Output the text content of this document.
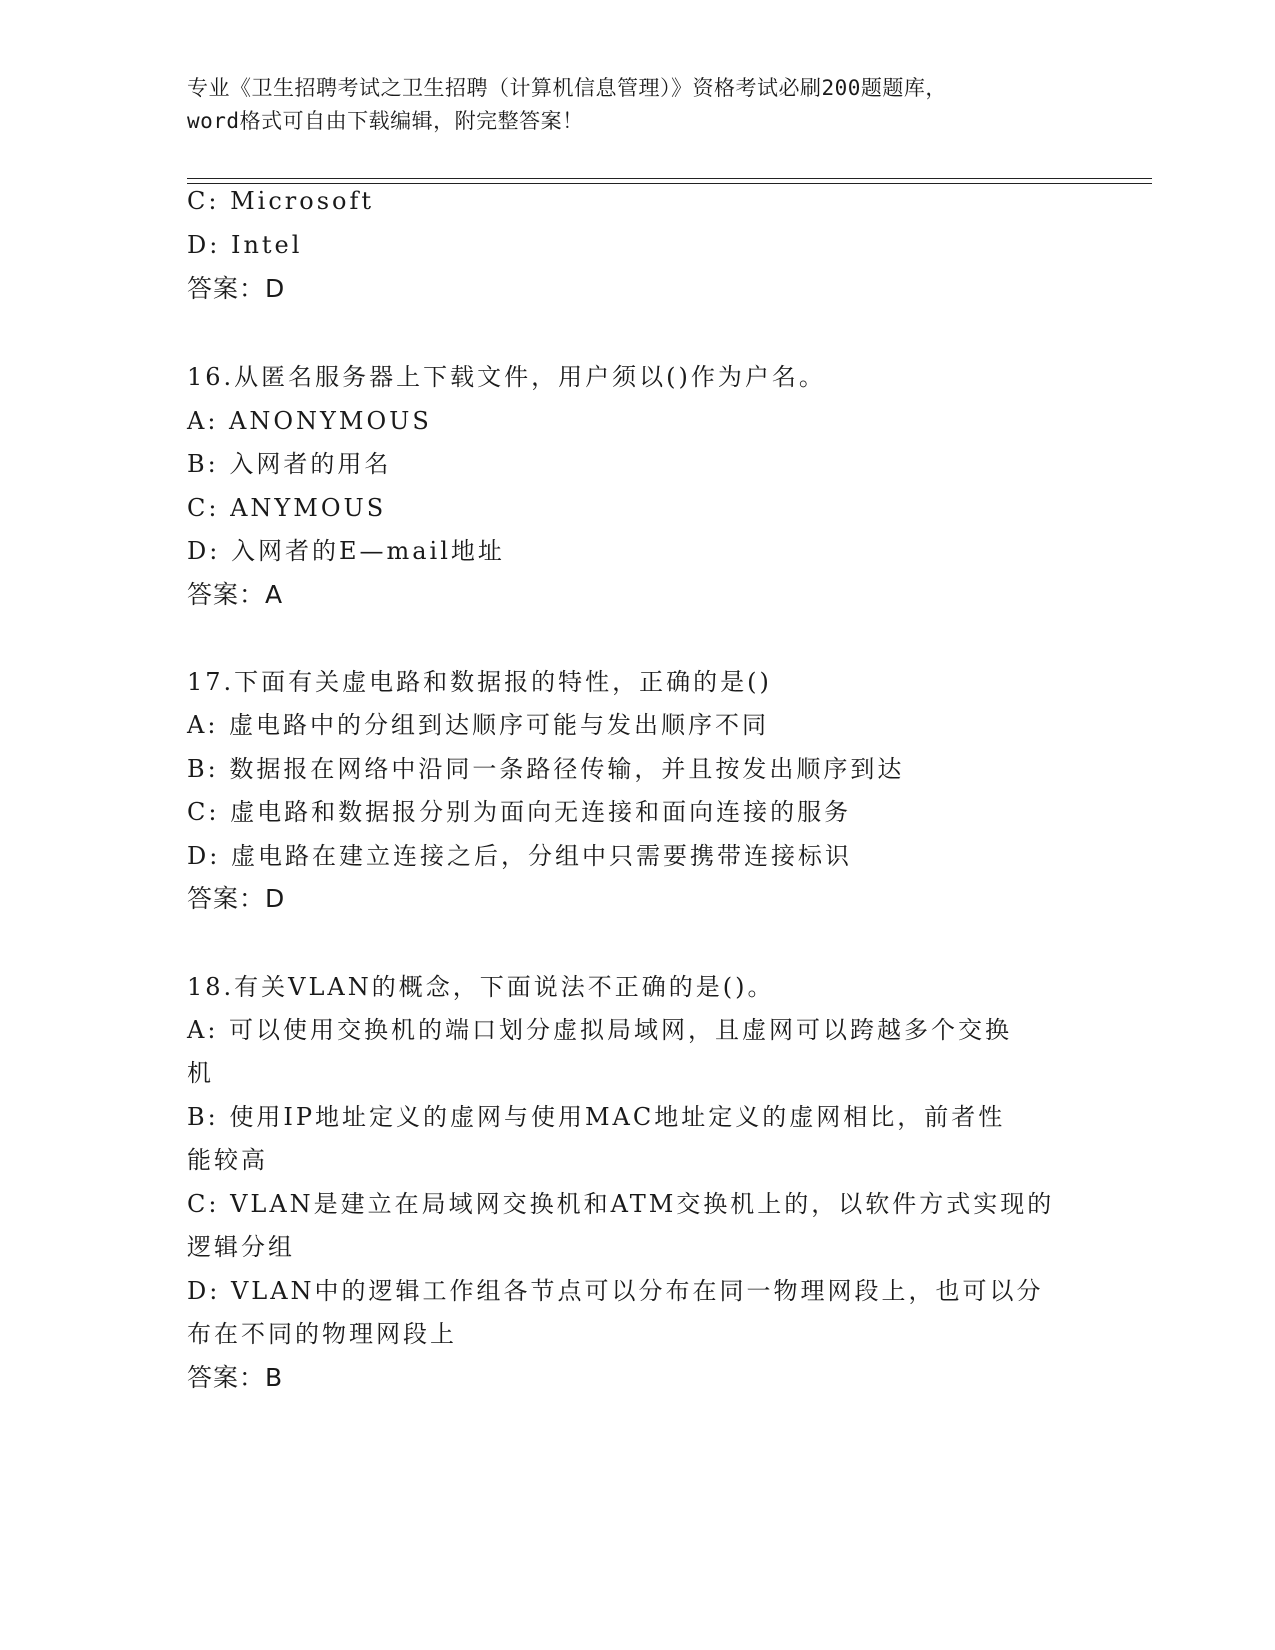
专业《卫生招聘考试之卫生招聘（计算机信息管理）》资格考试必刷200题题库，
word格式可自由下载编辑，附完整答案！
C: Microsoft
D: Intel
答案：D
16.从匿名服务器上下载文件，用户须以()作为户名。
A: ANONYMOUS
B: 入网者的用名
C: ANYMOUS
D: 入网者的E—mail地址
答案：A
17.下面有关虚电路和数据报的特性，正确的是()
A: 虚电路中的分组到达顺序可能与发出顺序不同
B: 数据报在网络中沿同一条路径传输，并且按发出顺序到达
C: 虚电路和数据报分别为面向无连接和面向连接的服务
D: 虚电路在建立连接之后，分组中只需要携带连接标识
答案：D
18.有关VLAN的概念，下面说法不正确的是()。
A: 可以使用交换机的端口划分虚拟局域网，且虚网可以跨越多个交换
机
B: 使用IP地址定义的虚网与使用MAC地址定义的虚网相比，前者性
能较高
C: VLAN是建立在局域网交换机和ATM交换机上的，以软件方式实现的
逻辑分组
D: VLAN中的逻辑工作组各节点可以分布在同一物理网段上，也可以分
布在不同的物理网段上
答案：B
